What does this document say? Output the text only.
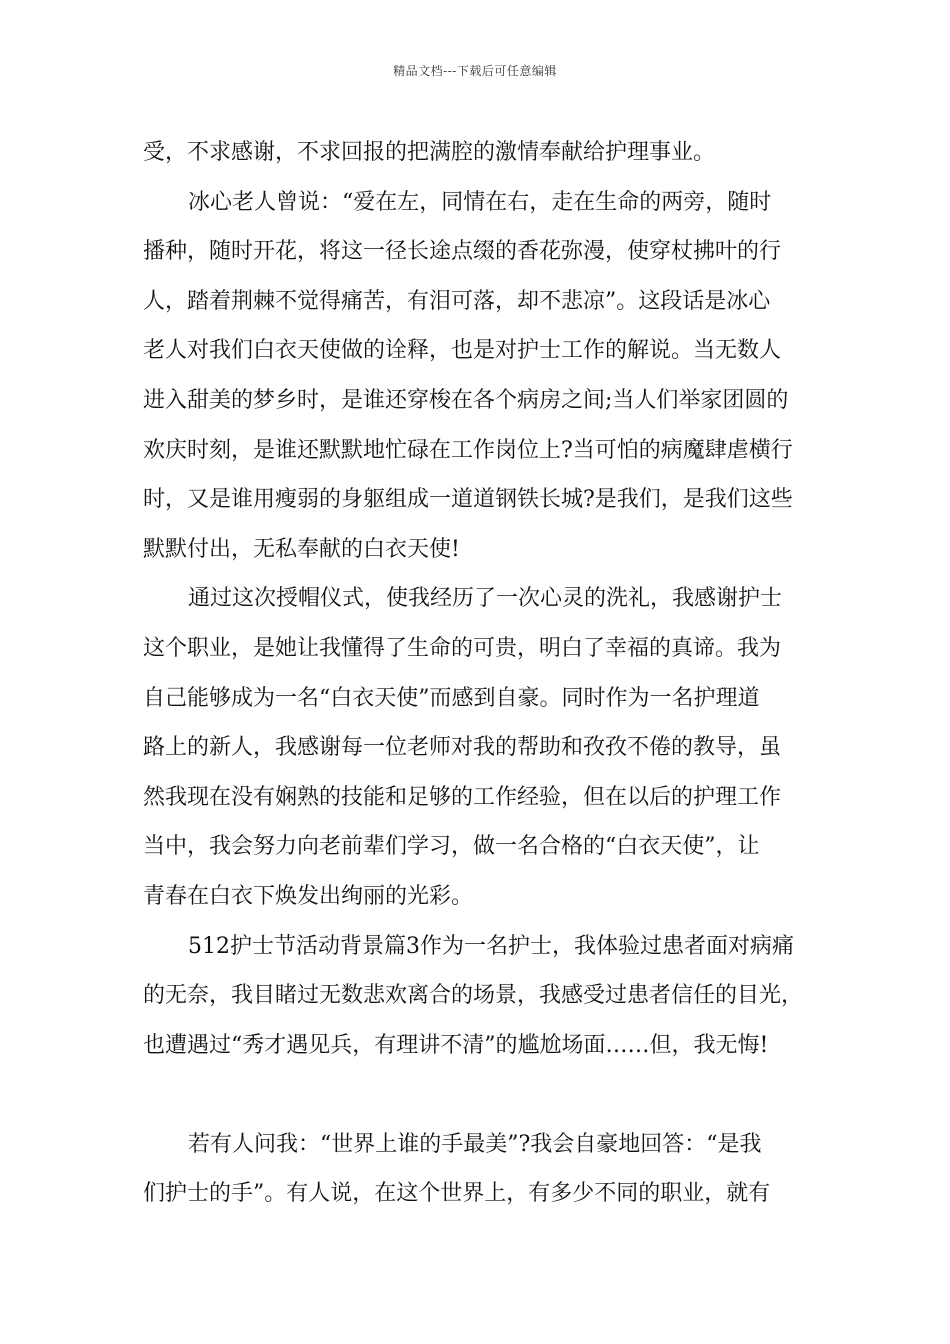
精品文档---下载后可任意编辑
受，不求感谢，不求回报的把满腔的激情奉献给护理事业。
冰心老人曾说：“爱在左，同情在右，走在生命的两旁，随时
播种，随时开花，将这一径长途点缀的香花弥漫，使穿杖拂叶的行
人，踏着荆棘不觉得痛苦，有泪可落，却不悲凉”。这段话是冰心
老人对我们白衣天使做的诠释，也是对护士工作的解说。当无数人
进入甜美的梦乡时，是谁还穿梭在各个病房之间;当人们举家团圆的
欢庆时刻，是谁还默默地忙碌在工作岗位上?当可怕的病魔肆虐横行
时，又是谁用瘦弱的身躯组成一道道钢铁长城?是我们，是我们这些
默默付出，无私奉献的白衣天使!
通过这次授帽仪式，使我经历了一次心灵的洗礼，我感谢护士
这个职业，是她让我懂得了生命的可贵，明白了幸福的真谛。我为
自己能够成为一名“白衣天使”而感到自豪。同时作为一名护理道
路上的新人，我感谢每一位老师对我的帮助和孜孜不倦的教导，虽
然我现在没有娴熟的技能和足够的工作经验，但在以后的护理工作
当中，我会努力向老前辈们学习，做一名合格的“白衣天使”，让
青春在白衣下焕发出绚丽的光彩。
512护士节活动背景篇3作为一名护士，我体验过患者面对病痛
的无奈，我目睹过无数悲欢离合的场景，我感受过患者信任的目光，
也遭遇过“秀才遇见兵，有理讲不清”的尴尬场面……但，我无悔!
若有人问我：“世界上谁的手最美”?我会自豪地回答：“是我
们护士的手”。有人说，在这个世界上，有多少不同的职业，就有
